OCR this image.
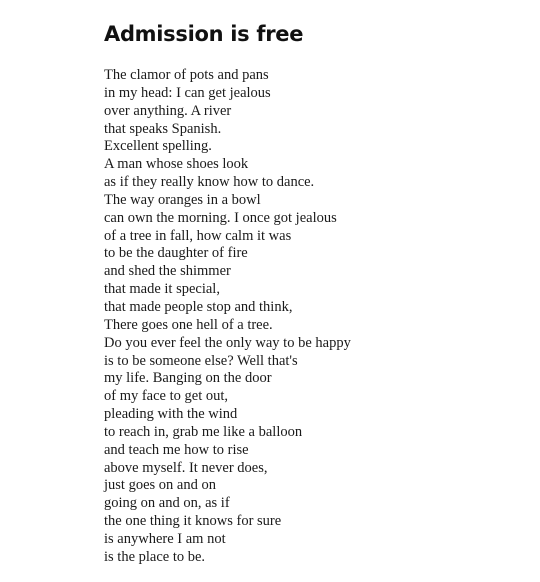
Admission is free
The clamor of pots and pans
in my head: I can get jealous
over anything. A river
that speaks Spanish.
Excellent spelling.
A man whose shoes look
as if they really know how to dance.
The way oranges in a bowl
can own the morning. I once got jealous
of a tree in fall, how calm it was
to be the daughter of fire
and shed the shimmer
that made it special,
that made people stop and think,
There goes one hell of a tree.
Do you ever feel the only way to be happy
is to be someone else? Well that's
my life. Banging on the door
of my face to get out,
pleading with the wind
to reach in, grab me like a balloon
and teach me how to rise
above myself. It never does,
just goes on and on
going on and on, as if
the one thing it knows for sure
is anywhere I am not
is the place to be.
